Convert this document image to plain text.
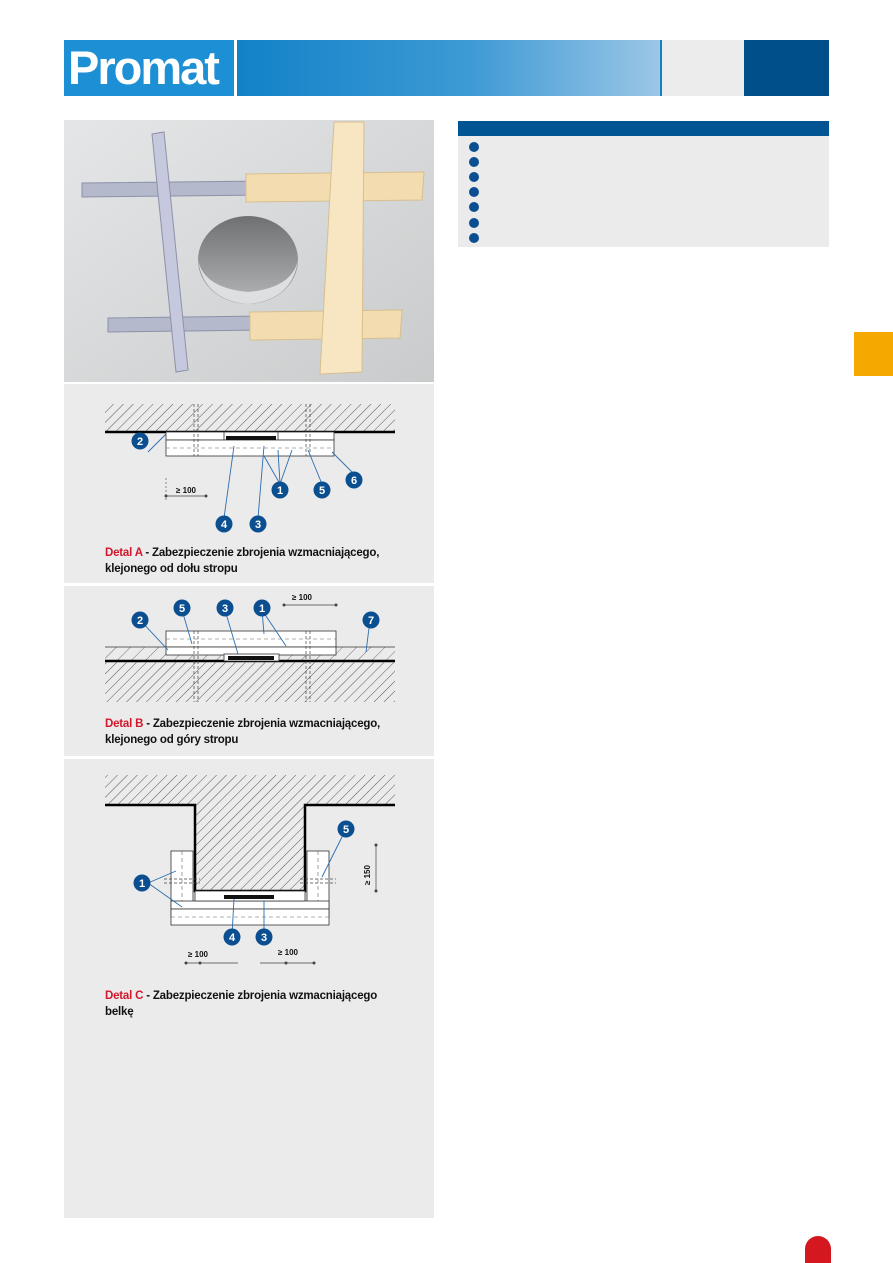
Promat
≥ 100
2
1	5
6
4	3
Detal A - Zabezpieczenie zbrojenia wzmacniającego,
klejonego od dołu stropu
≥ 100
2
5	3	1
7
Detal B - Zabezpieczenie zbrojenia wzmacniającego,
klejonego od góry stropu
≥ 150
≥ 100	≥ 100
5
1
4 3
Detal C - Zabezpieczenie zbrojenia wzmacniającego
belkę
